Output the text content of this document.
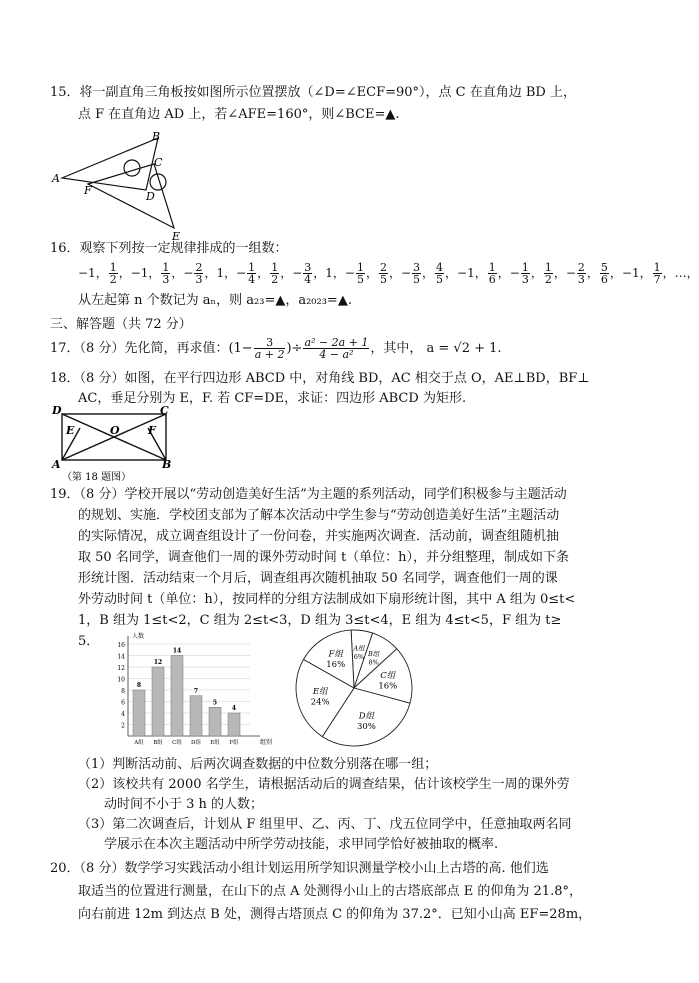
15．将一副直角三角板按如图所示位置摆放（∠D=∠ECF=90°），点 C 在直角边 BD 上，
点 F 在直角边 AD 上，若∠AFE=160°，则∠BCE=▲.
B
C
A
F	D
E
16．观察下列按一定规律排成的一组数：
−1， $\frac{1}{2}$ ，−1， $\frac{1}{3}$ ，− $\frac{2}{3}$ ，1，− $\frac{1}{4}$ ， $\frac{1}{2}$ ，− $\frac{3}{4}$ ，1，− $\frac{1}{5}$ ， $\frac{2}{5}$ ，− $\frac{3}{5}$ ， $\frac{4}{5}$ ，−1， $\frac{1}{6}$ ，− $\frac{1}{3}$ ， $\frac{1}{2}$ ，− $\frac{2}{3}$ ， $\frac{5}{6}$ ，−1， $\frac{1}{7}$ ，…，
从左起第 n 个数记为 aₙ，则 a₂₃=▲，a₂₀₂₃=▲.
三、解答题（共 72 分）
17．（8 分）先化简，再求值：($1- \frac{3}{a + 2}$ )÷ $\frac{\text{a² − 2a + 1}}{\text{4 − a²}}$ ，其中， a = √2 + 1.
18．（8 分）如图，在平行四边形 ABCD 中，对角线 BD，AC 相交于点 O，AE⊥BD，BF⊥
AC，垂足分别为 E，F. 若 CF=DE，求证：四边形 ABCD 为矩形.
D	C
E	O	F
A	B
（第 18 题图）
19．（8 分）学校开展以“劳动创造美好生活”为主题的系列活动，同学们积极参与主题活动
的规划、实施．学校团支部为了解本次活动中学生参与“劳动创造美好生活”主题活动
的实际情况，成立调查组设计了一份问卷，并实施两次调查．活动前，调查组随机抽
取 50 名同学，调查他们一周的课外劳动时间 t（单位：h），并分组整理，制成如下条
形统计图．活动结束一个月后，调查组再次随机抽取 50 名同学，调查他们一周的课
外劳动时间 t（单位：h），按同样的分组方法制成如下扇形统计图，其中 A 组为 0≤t<
1，B 组为 1≤t<2，C 组为 2≤t<3，D 组为 3≤t<4，E 组为 4≤t<5，F 组为 t≥
5．
2
4
6
8
10
12
14
16
人数
组别
8
A组
12
B组
14
C组
7
D组
5
E组
4
F组
A组
6% B组
8%
C组
16%
D组
30%
E组
24%
F组
16%
（1）判断活动前、后两次调查数据的中位数分别落在哪一组；
（2）该校共有 2000 名学生，请根据活动后的调查结果，估计该校学生一周的课外劳
动时间不小于 3 h 的人数；
（3）第二次调查后，计划从 F 组里甲、乙、丙、丁、戊五位同学中，任意抽取两名同
学展示在本次主题活动中所学劳动技能，求甲同学恰好被抽取的概率.
20．（8 分）数学学习实践活动小组计划运用所学知识测量学校小山上古塔的高. 他们选
取适当的位置进行测量，在山下的点 A 处测得小山上的古塔底部点 E 的仰角为 21.8°，
向右前进 12m 到达点 B 处，测得古塔顶点 C 的仰角为 37.2°．已知小山高 EF=28m，
